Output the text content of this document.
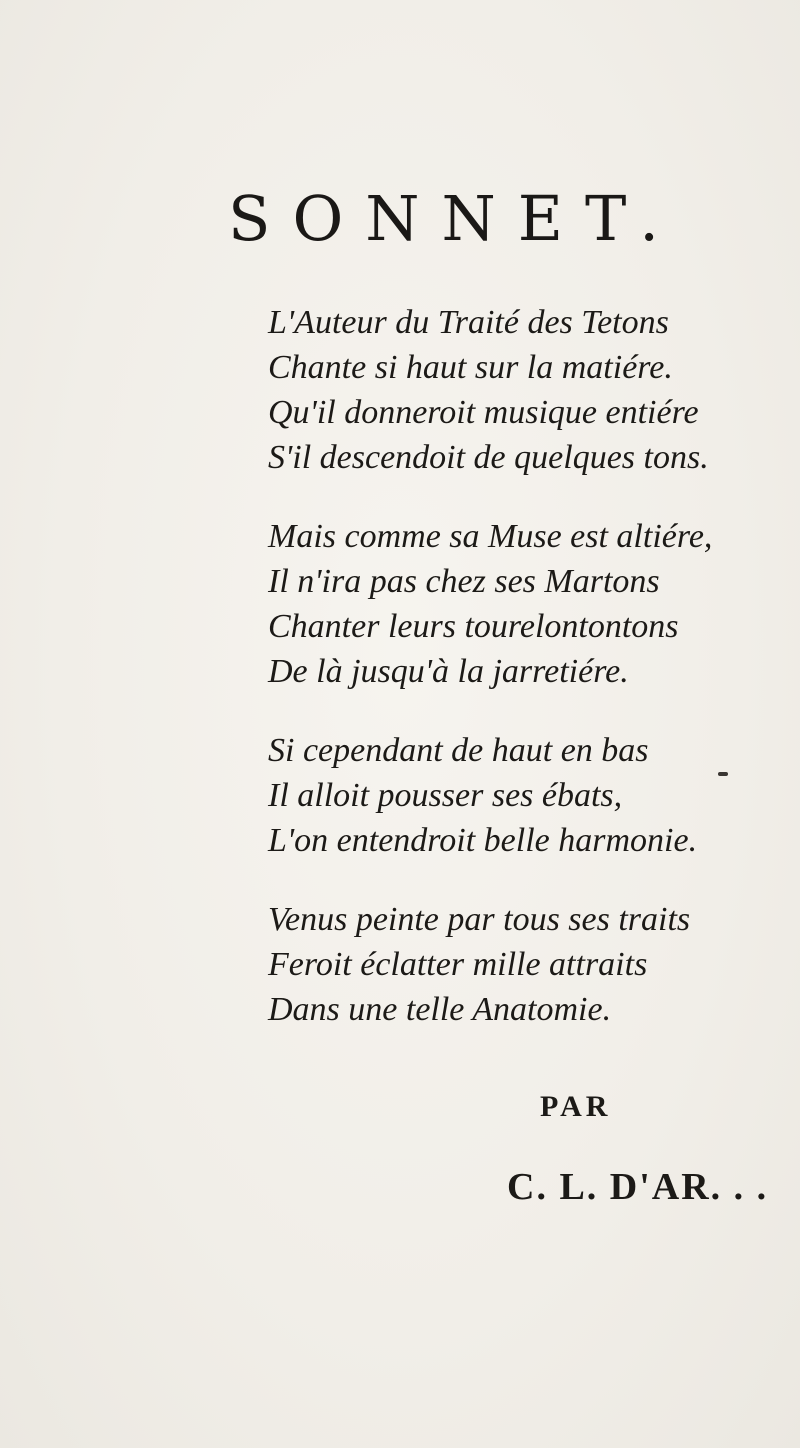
SONNET.
L'Auteur du Traité des Tetons
Chante si haut sur la matiére.
Qu'il donneroit musique entiére
S'il descendoit de quelques tons.
Mais comme sa Muse est altiére,
Il n'ira pas chez ses Martons
Chanter leurs tourelontontons
De là jusqu'à la jarretiére.
Si cependant de haut en bas
Il alloit pousser ses ébats,
L'on entendroit belle harmonie.
Venus peinte par tous ses traits
Feroit éclatter mille attraits
Dans une telle Anatomie.
PAR
C. L. D'AR. . .
